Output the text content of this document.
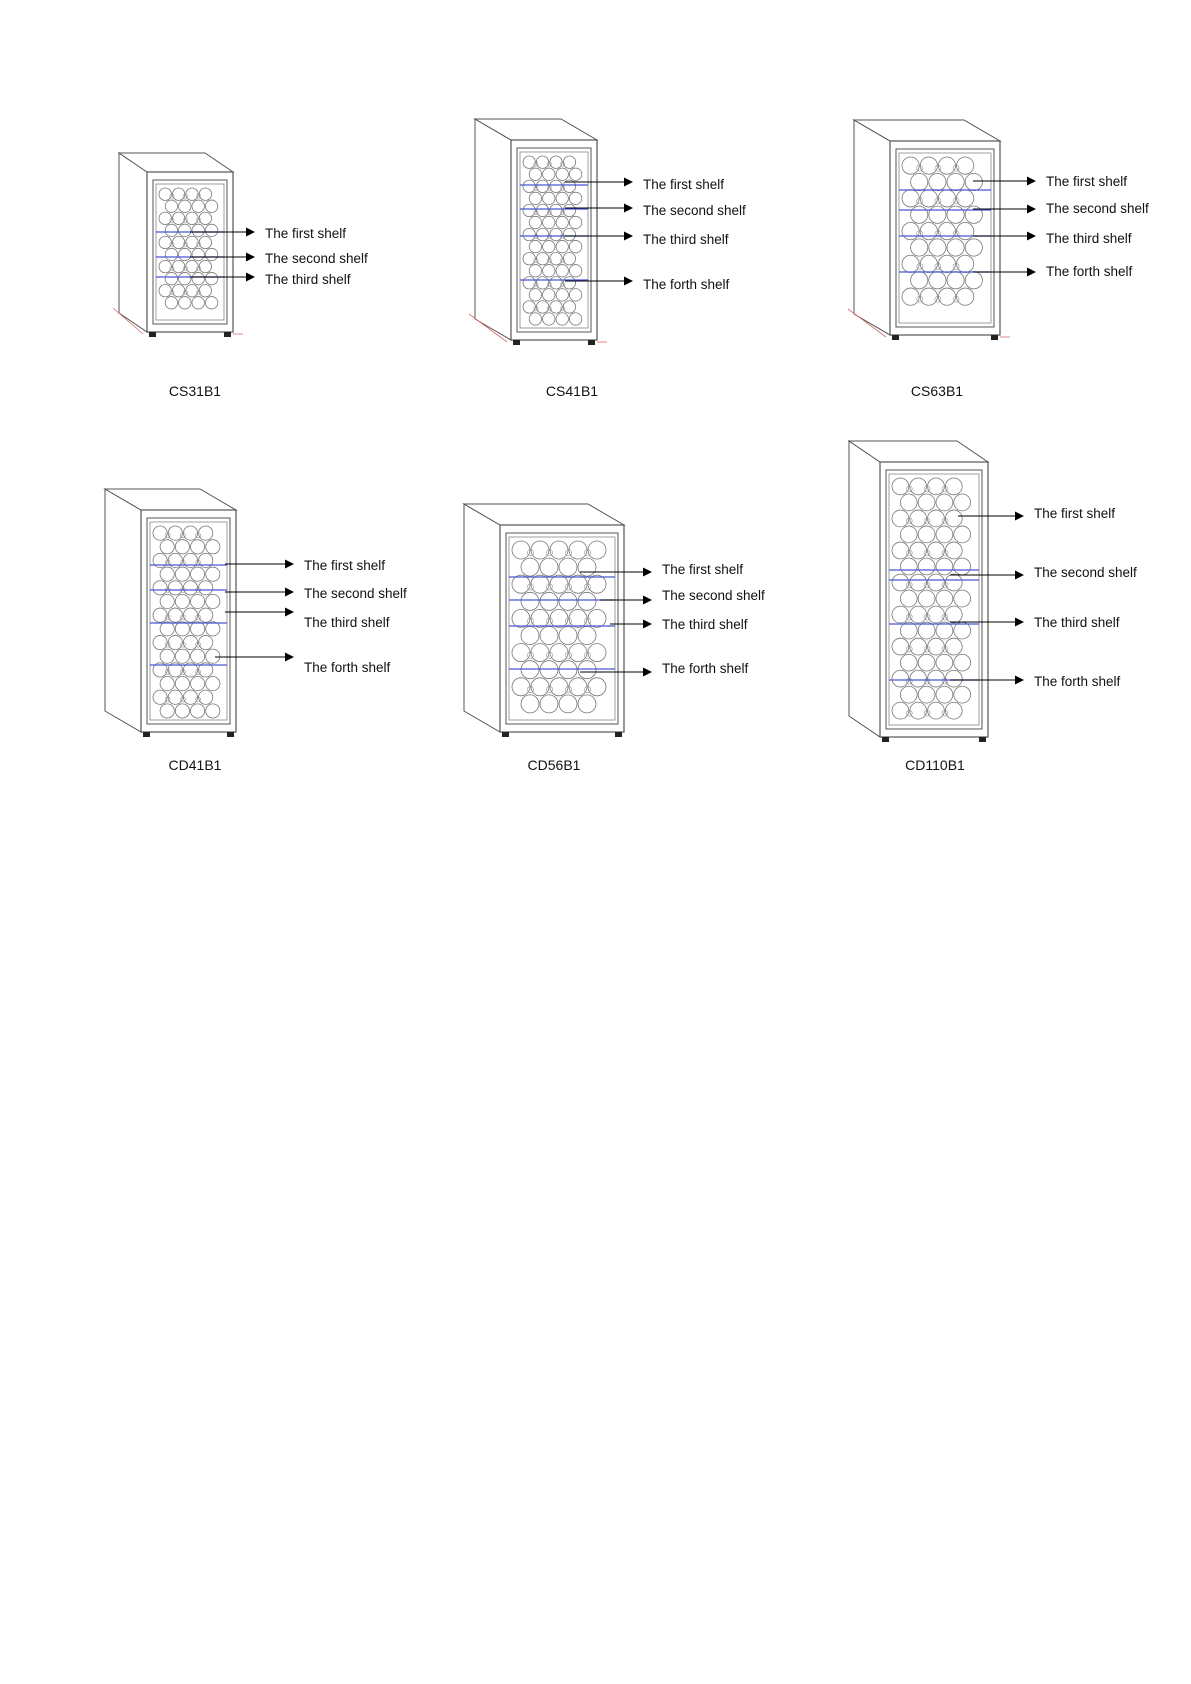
The first shelf
The second shelf
The third shelf
CS31B1
The first shelf
The second shelf
The third shelf
The forth shelf
CS41B1
The first shelf
The second shelf
The third shelf
The forth shelf
CS63B1
The first shelf
The second shelf
The third shelf
The forth shelf
CD41B1
The first shelf
The second shelf
The third shelf
The forth shelf
CD56B1
The first shelf
The second shelf
The third shelf
The forth shelf
CD110B1
